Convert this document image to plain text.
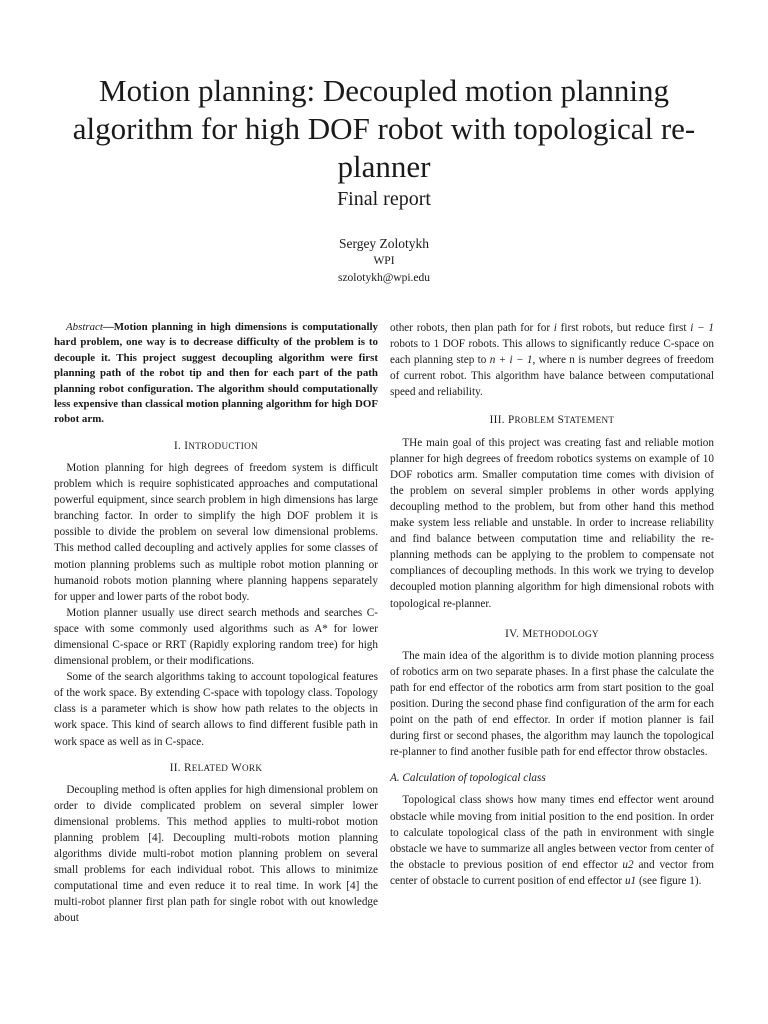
Motion planning: Decoupled motion planning algorithm for high DOF robot with topological re-planner
Final report
Sergey Zolotykh
WPI
szolotykh@wpi.edu

Abstract—Motion planning in high dimensions is computationally hard problem, one way is to decrease difficulty of the problem is to decouple it. This project suggest decoupling algorithm were first planning path of the robot tip and then for each part of the path planning robot configuration. The algorithm should computationally less expensive than classical motion planning algorithm for high DOF robot arm.

I. INTRODUCTION

Motion planning for high degrees of freedom system is difficult problem which is require sophisticated approaches and computational powerful equipment, since search problem in high dimensions has large branching factor. In order to simplify the high DOF problem it is possible to divide the problem on several low dimensional problems. This method called decoupling and actively applies for some classes of motion planning problems such as multiple robot motion planning or humanoid robots motion planning where planning happens separately for upper and lower parts of the robot body.

Motion planner usually use direct search methods and searches C-space with some commonly used algorithms such as A* for lower dimensional C-space or RRT (Rapidly exploring random tree) for high dimensional problem, or their modifications.

Some of the search algorithms taking to account topological features of the work space. By extending C-space with topology class. Topology class is a parameter which is show how path relates to the objects in work space. This kind of search allows to find different fusible path in work space as well as in C-space.

II. RELATED WORK

Decoupling method is often applies for high dimensional problem on order to divide complicated problem on several simpler lower dimensional problems. This method applies to multi-robot motion planning problem [4]. Decoupling multi-robots motion planning algorithms divide multi-robot motion planning problem on several small problems for each individual robot. This allows to minimize computational time and even reduce it to real time. In work [4] the multi-robot planner first plan path for single robot with out knowledge about

other robots, then plan path for for i first robots, but reduce first i − 1 robots to 1 DOF robots. This allows to significantly reduce C-space on each planning step to n + i − 1, where n is number degrees of freedom of current robot. This algorithm have balance between computational speed and reliability.

III. PROBLEM STATEMENT

THe main goal of this project was creating fast and reliable motion planner for high degrees of freedom robotics systems on example of 10 DOF robotics arm. Smaller computation time comes with division of the problem on several simpler problems in other words applying decoupling method to the problem, but from other hand this method make system less reliable and unstable. In order to increase reliability and find balance between computation time and reliability the re-planning methods can be applying to the problem to compensate not compliances of decoupling methods. In this work we trying to develop decoupled motion planning algorithm for high dimensional robots with topological re-planner.

IV. METHODOLOGY

The main idea of the algorithm is to divide motion planning process of robotics arm on two separate phases. In a first phase the calculate the path for end effector of the robotics arm from start position to the goal position. During the second phase find configuration of the arm for each point on the path of end effector. In order if motion planner is fail during first or second phases, the algorithm may launch the topological re-planner to find another fusible path for end effector throw obstacles.

A. Calculation of topological class

Topological class shows how many times end effector went around obstacle while moving from initial position to the end position. In order to calculate topological class of the path in environment with single obstacle we have to summarize all angles between vector from center of the obstacle to previous position of end effector u2 and vector from center of obstacle to current position of end effector u1 (see figure 1).
